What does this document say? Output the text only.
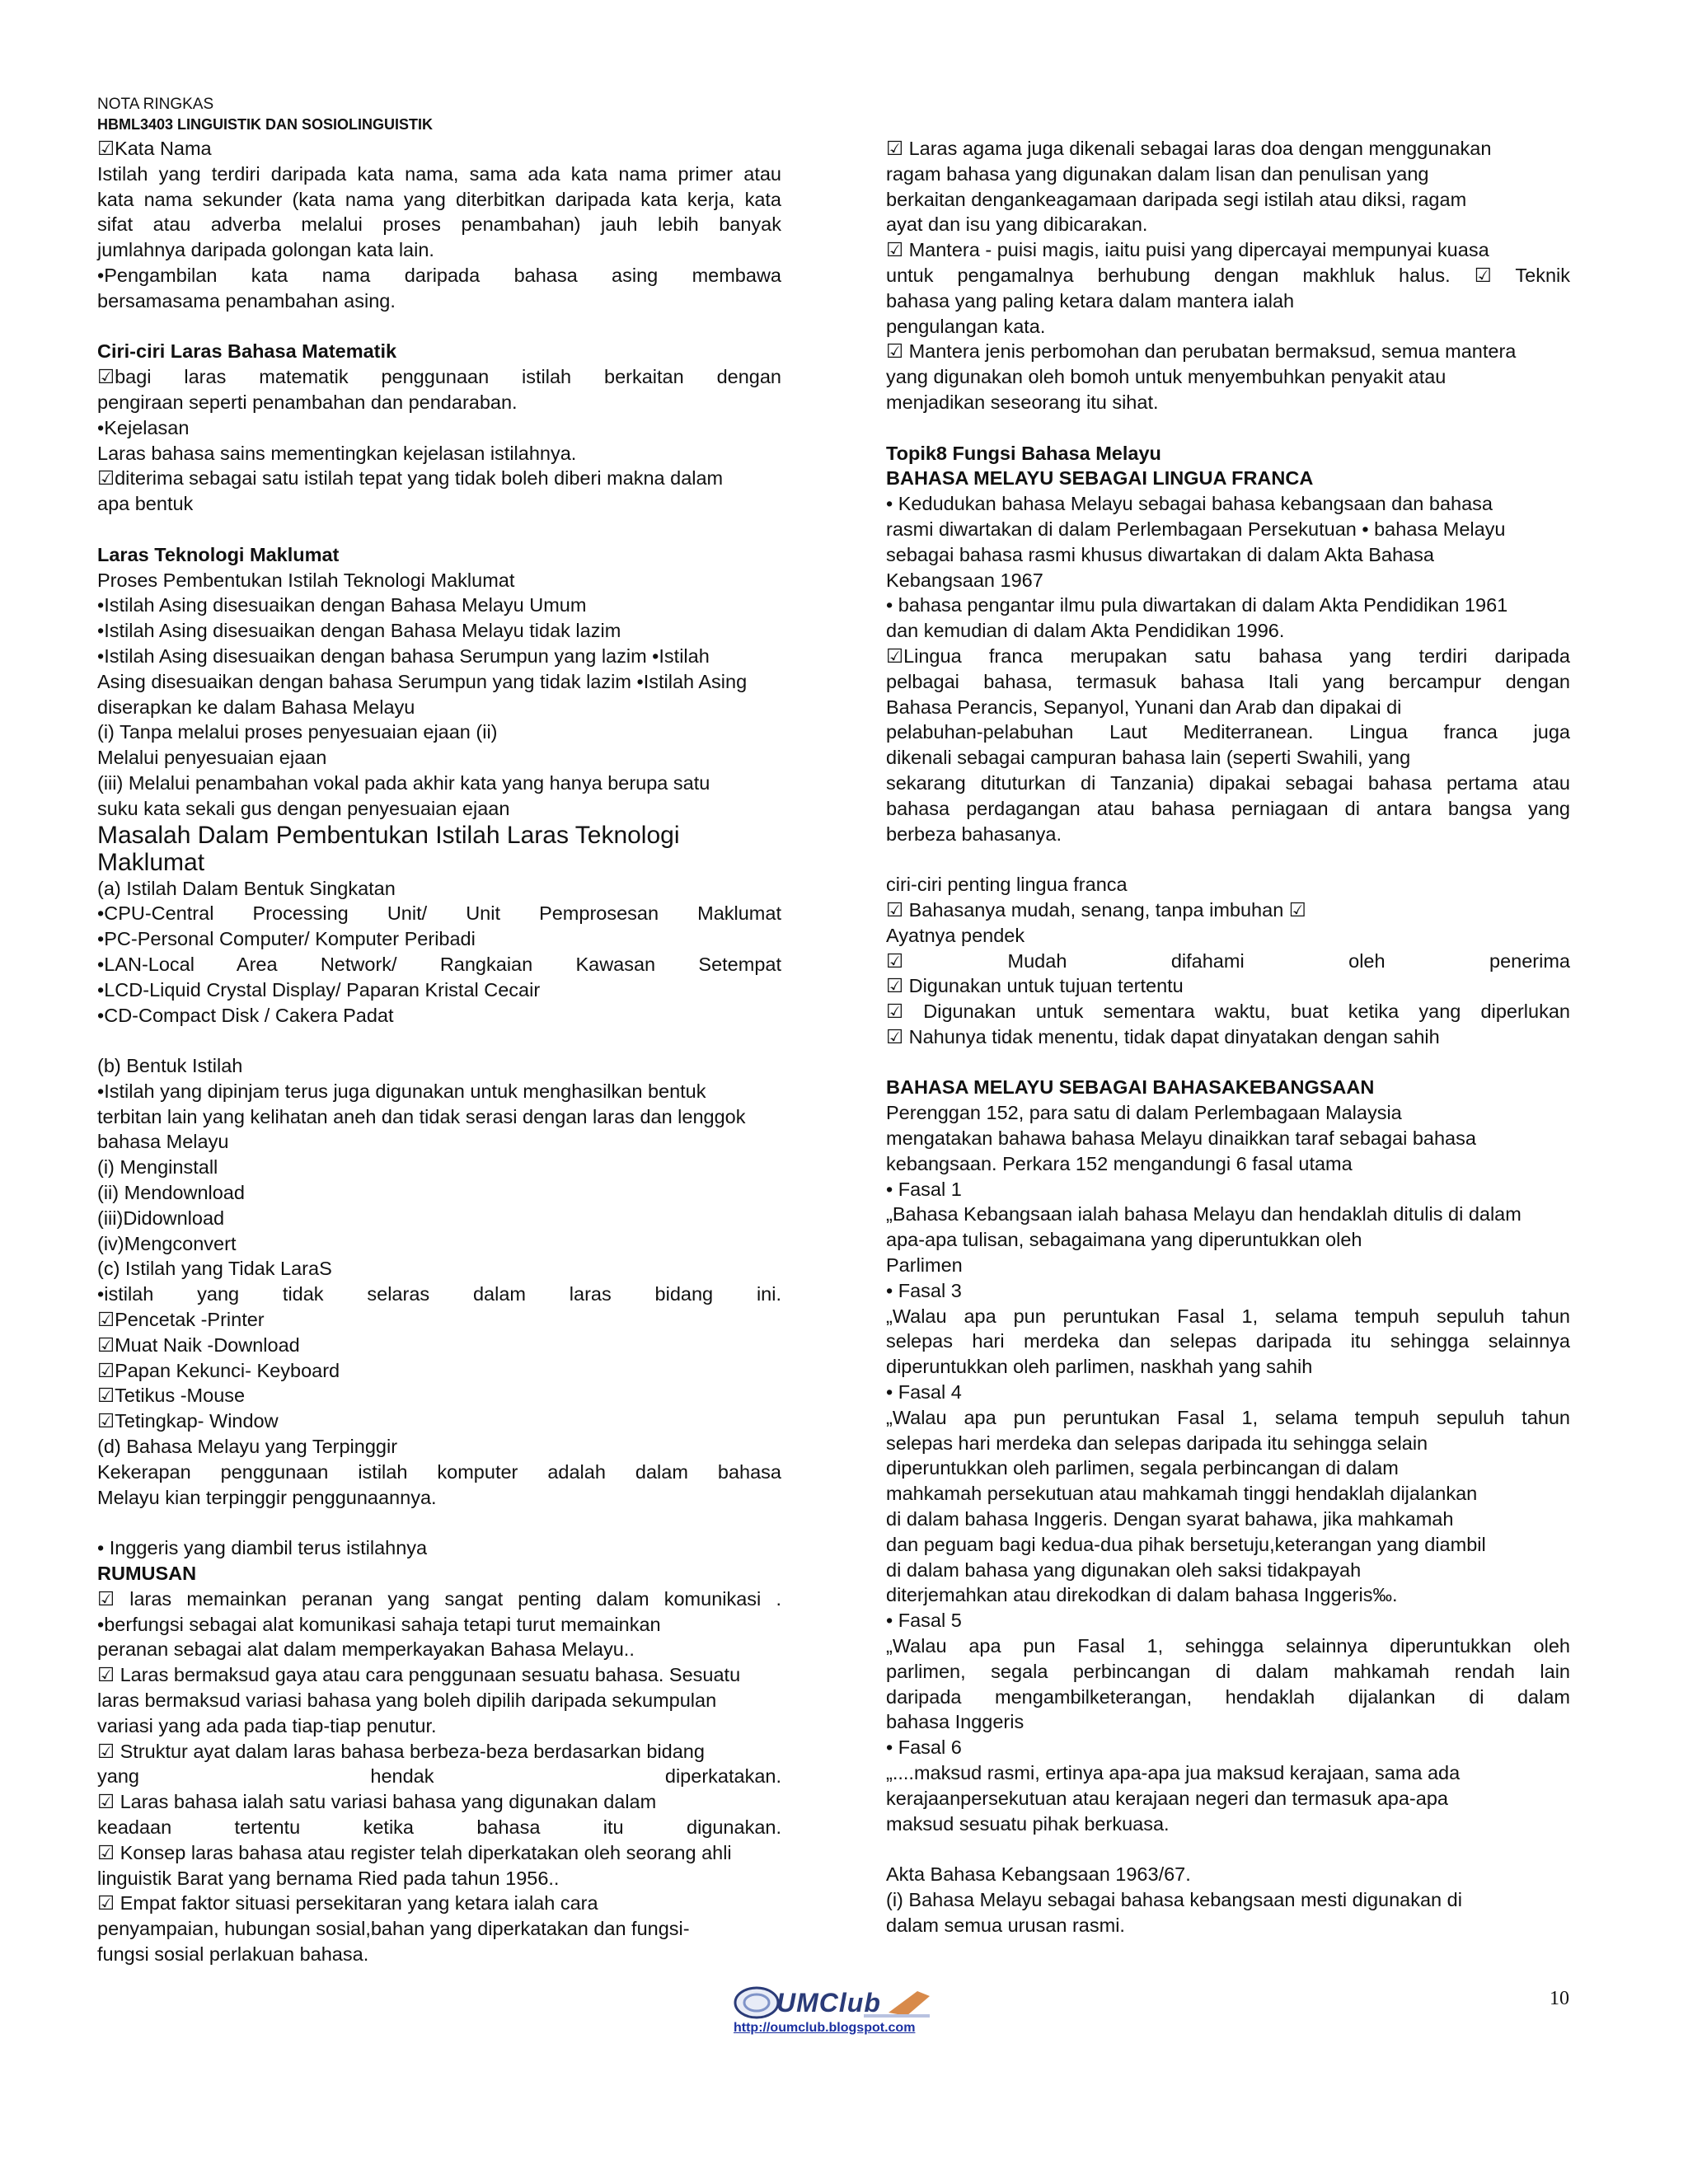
NOTA RINGKAS
HBML3403 LINGUISTIK DAN SOSIOLINGUISTIK

☑Kata Nama

Istilah yang terdiri daripada kata nama, sama ada kata nama primer atau

kata nama sekunder (kata nama yang diterbitkan daripada kata kerja, kata

sifat atau adverba melalui proses penambahan) jauh lebih banyak

jumlahnya daripada golongan kata lain.

•Pengambilan kata nama daripada bahasa asing membawa

bersamasama penambahan asing.

Ciri-ciri Laras Bahasa Matematik

☑bagi laras matematik penggunaan istilah berkaitan dengan

pengiraan seperti penambahan dan pendaraban.

•Kejelasan

Laras bahasa sains mementingkan kejelasan istilahnya.

☑diterima sebagai satu istilah tepat yang tidak boleh diberi makna dalam

apa bentuk

Laras Teknologi Maklumat

Proses Pembentukan Istilah Teknologi Maklumat

•Istilah Asing disesuaikan dengan Bahasa Melayu Umum

•Istilah Asing disesuaikan dengan Bahasa Melayu tidak lazim

•Istilah Asing disesuaikan dengan bahasa Serumpun yang lazim •Istilah

Asing disesuaikan dengan bahasa Serumpun yang tidak lazim •Istilah Asing

diserapkan ke dalam Bahasa Melayu

(i) Tanpa melalui proses penyesuaian ejaan (ii)

Melalui penyesuaian ejaan

(iii) Melalui penambahan vokal pada akhir kata yang hanya berupa satu

suku kata sekali gus dengan penyesuaian ejaan

Masalah Dalam Pembentukan Istilah Laras Teknologi

Maklumat

(a) Istilah Dalam Bentuk Singkatan

•CPU-Central Processing Unit/ Unit Pemprosesan Maklumat

•PC-Personal Computer/ Komputer Peribadi

•LAN-Local Area Network/ Rangkaian Kawasan Setempat

•LCD-Liquid Crystal Display/ Paparan Kristal Cecair

•CD-Compact Disk / Cakera Padat

(b) Bentuk Istilah

•Istilah yang dipinjam terus juga digunakan untuk menghasilkan bentuk

terbitan lain yang kelihatan aneh dan tidak serasi dengan laras dan lenggok

bahasa Melayu

(i) Menginstall

(ii) Mendownload

(iii)Didownload

(iv)Mengconvert

(c) Istilah yang Tidak LaraS

•istilah yang tidak selaras dalam laras bidang ini.

☑Pencetak -Printer

☑Muat Naik -Download

☑Papan Kekunci- Keyboard

☑Tetikus -Mouse

☑Tetingkap- Window

(d) Bahasa Melayu yang Terpinggir

Kekerapan penggunaan istilah komputer adalah dalam bahasa

Melayu kian terpinggir penggunaannya.

• Inggeris yang diambil terus istilahnya

RUMUSAN

☑ laras memainkan peranan yang sangat penting dalam komunikasi .

•berfungsi sebagai alat komunikasi sahaja tetapi turut memainkan

peranan sebagai alat dalam memperkayakan Bahasa Melayu..

☑ Laras bermaksud gaya atau cara penggunaan sesuatu bahasa. Sesuatu

laras bermaksud variasi bahasa yang boleh dipilih daripada sekumpulan

variasi yang ada pada tiap-tiap penutur.

☑ Struktur ayat dalam laras bahasa berbeza-beza berdasarkan bidang

yang hendak diperkatakan.

☑ Laras bahasa ialah satu variasi bahasa yang digunakan dalam

keadaan tertentu ketika bahasa itu digunakan.

☑ Konsep laras bahasa atau register telah diperkatakan oleh seorang ahli

linguistik Barat yang bernama Ried pada tahun 1956..

☑ Empat faktor situasi persekitaran yang ketara ialah cara

penyampaian, hubungan sosial,bahan yang diperkatakan dan fungsi-

fungsi sosial perlakuan bahasa.

☑ Laras agama juga dikenali sebagai laras doa dengan menggunakan

ragam bahasa yang digunakan dalam lisan dan penulisan yang

berkaitan dengankeagamaan daripada segi istilah atau diksi, ragam

ayat dan isu yang dibicarakan.

☑ Mantera - puisi magis, iaitu puisi yang dipercayai mempunyai kuasa

untuk pengamalnya berhubung dengan makhluk halus. ☑ Teknik

bahasa yang paling ketara dalam mantera ialah

pengulangan kata.

☑ Mantera jenis perbomohan dan perubatan bermaksud, semua mantera

yang digunakan oleh bomoh untuk menyembuhkan penyakit atau

menjadikan seseorang itu sihat.

Topik8 Fungsi Bahasa Melayu

BAHASA MELAYU SEBAGAI LINGUA FRANCA

• Kedudukan bahasa Melayu sebagai bahasa kebangsaan dan bahasa

rasmi diwartakan di dalam Perlembagaan Persekutuan • bahasa Melayu

sebagai bahasa rasmi khusus diwartakan di dalam Akta Bahasa

Kebangsaan 1967

• bahasa pengantar ilmu pula diwartakan di dalam Akta Pendidikan 1961

dan kemudian di dalam Akta Pendidikan 1996.

☑Lingua franca merupakan satu bahasa yang terdiri daripada

pelbagai bahasa, termasuk bahasa Itali yang bercampur dengan

Bahasa Perancis, Sepanyol, Yunani dan Arab dan dipakai di

pelabuhan-pelabuhan Laut Mediterranean. Lingua franca juga

dikenali sebagai campuran bahasa lain (seperti Swahili, yang

sekarang dituturkan di Tanzania) dipakai sebagai bahasa pertama atau

bahasa perdagangan atau bahasa perniagaan di antara bangsa yang

berbeza bahasanya.

ciri-ciri penting lingua franca

☑ Bahasanya mudah, senang, tanpa imbuhan ☑

Ayatnya pendek

☑ Mudah difahami oleh penerima

☑ Digunakan untuk tujuan tertentu

☑ Digunakan untuk sementara waktu, buat ketika yang diperlukan

☑ Nahunya tidak menentu, tidak dapat dinyatakan dengan sahih

BAHASA MELAYU SEBAGAI BAHASAKEBANGSAAN

Perenggan 152, para satu di dalam Perlembagaan Malaysia

mengatakan bahawa bahasa Melayu dinaikkan taraf sebagai bahasa

kebangsaan. Perkara 152 mengandungi 6 fasal utama

• Fasal 1

„Bahasa Kebangsaan ialah bahasa Melayu dan hendaklah ditulis di dalam

apa-apa tulisan, sebagaimana yang diperuntukkan oleh

Parlimen

• Fasal 3

„Walau apa pun peruntukan Fasal 1, selama tempuh sepuluh tahun

selepas hari merdeka dan selepas daripada itu sehingga selainnya

diperuntukkan oleh parlimen, naskhah yang sahih

• Fasal 4

„Walau apa pun peruntukan Fasal 1, selama tempuh sepuluh tahun

selepas hari merdeka dan selepas daripada itu sehingga selain

diperuntukkan oleh parlimen, segala perbincangan di dalam

mahkamah persekutuan atau mahkamah tinggi hendaklah dijalankan

di dalam bahasa Inggeris. Dengan syarat bahawa, jika mahkamah

dan peguam bagi kedua-dua pihak bersetuju,keterangan yang diambil

di dalam bahasa yang digunakan oleh saksi tidakpayah

diterjemahkan atau direkodkan di dalam bahasa Inggeris‰.

• Fasal 5

„Walau apa pun Fasal 1, sehingga selainnya diperuntukkan oleh

parlimen, segala perbincangan di dalam mahkamah rendah lain

daripada mengambilketerangan, hendaklah dijalankan di dalam

bahasa Inggeris

• Fasal 6

„....maksud rasmi, ertinya apa-apa jua maksud kerajaan, sama ada

kerajaanpersekutuan atau kerajaan negeri dan termasuk apa-apa

maksud sesuatu pihak berkuasa.

Akta Bahasa Kebangsaan 1963/67.

(i) Bahasa Melayu sebagai bahasa kebangsaan mesti digunakan di

dalam semua urusan rasmi.

UMClub
http://oumclub.blogspot.com
10
